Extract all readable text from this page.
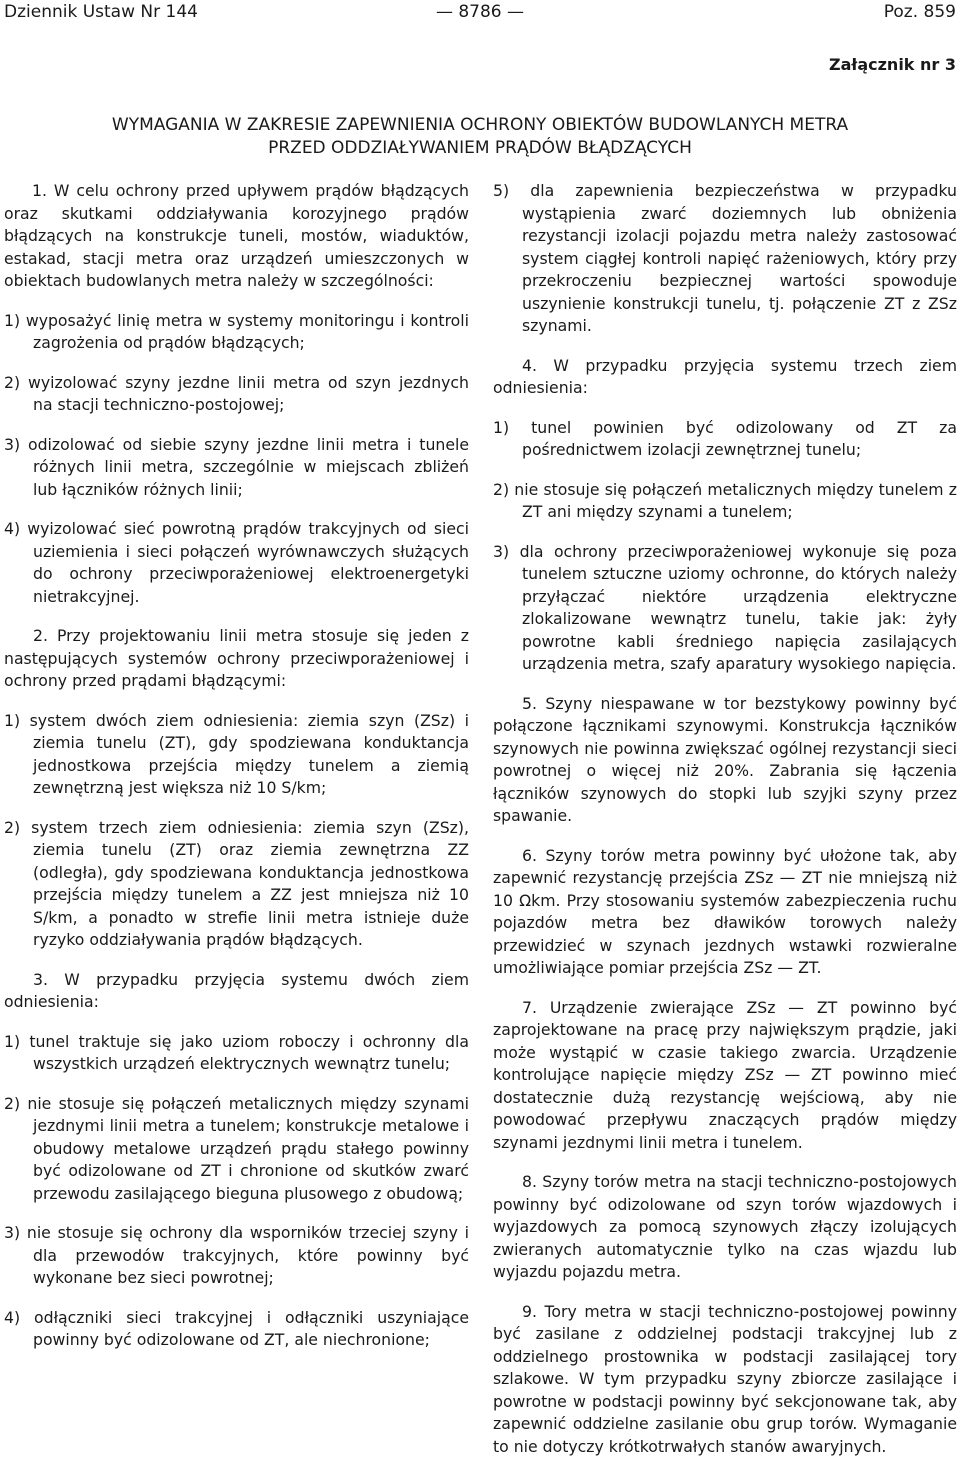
Dziennik Ustaw Nr 144	— 8786 —	Poz. 859
Załącznik nr 3
WYMAGANIA W ZAKRESIE ZAPEWNIENIA OCHRONY OBIEKTÓW BUDOWLANYCH METRA
PRZED ODDZIAŁYWANIEM PRĄDÓW BŁĄDZĄCYCH

1. W celu ochrony przed upływem prądów błądzących oraz skutkami oddziaływania korozyjnego prądów błądzących na konstrukcje tuneli, mostów, wiaduktów, estakad, stacji metra oraz urządzeń umieszczonych w obiektach budowlanych metra należy w szczególności:

1) wyposażyć linię metra w systemy monitoringu i kontroli zagrożenia od prądów błądzących;

2) wyizolować szyny jezdne linii metra od szyn jezdnych na stacji techniczno-postojowej;

3) odizolować od siebie szyny jezdne linii metra i tunele różnych linii metra, szczególnie w miejscach zbliżeń lub łączników różnych linii;

4) wyizolować sieć powrotną prądów trakcyjnych od sieci uziemienia i sieci połączeń wyrównawczych służących do ochrony przeciwporażeniowej elektroenergetyki nietrakcyjnej.

2. Przy projektowaniu linii metra stosuje się jeden z następujących systemów ochrony przeciwporażeniowej i ochrony przed prądami błądzącymi:

1) system dwóch ziem odniesienia: ziemia szyn (ZSz) i ziemia tunelu (ZT), gdy spodziewana konduktancja jednostkowa przejścia między tunelem a ziemią zewnętrzną jest większa niż 10 S/km;

2) system trzech ziem odniesienia: ziemia szyn (ZSz), ziemia tunelu (ZT) oraz ziemia zewnętrzna ZZ (odległa), gdy spodziewana konduktancja jednostkowa przejścia między tunelem a ZZ jest mniejsza niż 10 S/km, a ponadto w strefie linii metra istnieje duże ryzyko oddziaływania prądów błądzących.

3. W przypadku przyjęcia systemu dwóch ziem odniesienia:

1) tunel traktuje się jako uziom roboczy i ochronny dla wszystkich urządzeń elektrycznych wewnątrz tunelu;

2) nie stosuje się połączeń metalicznych między szynami jezdnymi linii metra a tunelem; konstrukcje metalowe i obudowy metalowe urządzeń prądu stałego powinny być odizolowane od ZT i chronione od skutków zwarć przewodu zasilającego bieguna plusowego z obudową;

3) nie stosuje się ochrony dla wsporników trzeciej szyny i dla przewodów trakcyjnych, które powinny być wykonane bez sieci powrotnej;

4) odłączniki sieci trakcyjnej i odłączniki uszyniające powinny być odizolowane od ZT, ale niechronione;

5) dla zapewnienia bezpieczeństwa w przypadku wystąpienia zwarć doziemnych lub obniżenia rezystancji izolacji pojazdu metra należy zastosować system ciągłej kontroli napięć rażeniowych, który przy przekroczeniu bezpiecznej wartości spowoduje uszynienie konstrukcji tunelu, tj. połączenie ZT z ZSz szynami.

4. W przypadku przyjęcia systemu trzech ziem odniesienia:

1) tunel powinien być odizolowany od ZT za pośrednictwem izolacji zewnętrznej tunelu;

2) nie stosuje się połączeń metalicznych między tunelem z ZT ani między szynami a tunelem;

3) dla ochrony przeciwporażeniowej wykonuje się poza tunelem sztuczne uziomy ochronne, do których należy przyłączać niektóre urządzenia elektryczne zlokalizowane wewnątrz tunelu, takie jak: żyły powrotne kabli średniego napięcia zasilających urządzenia metra, szafy aparatury wysokiego napięcia.

5. Szyny niespawane w tor bezstykowy powinny być połączone łącznikami szynowymi. Konstrukcja łączników szynowych nie powinna zwiększać ogólnej rezystancji sieci powrotnej o więcej niż 20%. Zabrania się łączenia łączników szynowych do stopki lub szyjki szyny przez spawanie.

6. Szyny torów metra powinny być ułożone tak, aby zapewnić rezystancję przejścia ZSz — ZT nie mniejszą niż 10 Ωkm. Przy stosowaniu systemów zabezpieczenia ruchu pojazdów metra bez dławików torowych należy przewidzieć w szynach jezdnych wstawki rozwieralne umożliwiające pomiar przejścia ZSz — ZT.

7. Urządzenie zwierające ZSz — ZT powinno być zaprojektowane na pracę przy największym prądzie, jaki może wystąpić w czasie takiego zwarcia. Urządzenie kontrolujące napięcie między ZSz — ZT powinno mieć dostatecznie dużą rezystancję wejściową, aby nie powodować przepływu znaczących prądów między szynami jezdnymi linii metra i tunelem.

8. Szyny torów metra na stacji techniczno-postojowych powinny być odizolowane od szyn torów wjazdowych i wyjazdowych za pomocą szynowych złączy izolujących zwieranych automatycznie tylko na czas wjazdu lub wyjazdu pojazdu metra.

9. Tory metra w stacji techniczno-postojowej powinny być zasilane z oddzielnej podstacji trakcyjnej lub z oddzielnego prostownika w podstacji zasilającej tory szlakowe. W tym przypadku szyny zbiorcze zasilające i powrotne w podstacji powinny być sekcjonowane tak, aby zapewnić oddzielne zasilanie obu grup torów. Wymaganie to nie dotyczy krótkotrwałych stanów awaryjnych.
